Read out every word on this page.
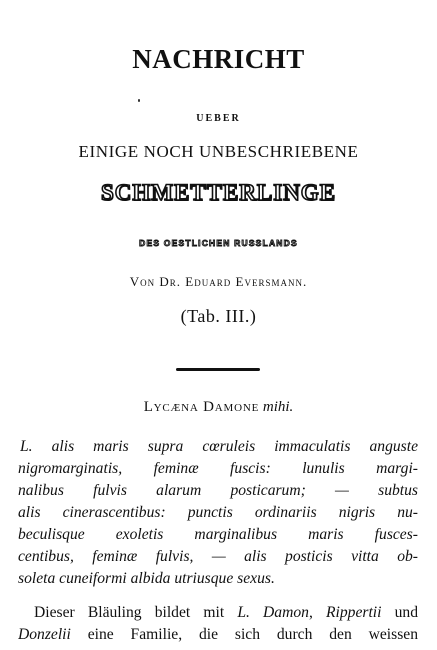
NACHRICHT
UEBER
EINIGE NOCH UNBESCHRIEBENE
SCHMETTERLINGE
DES OESTLICHEN RUSSLANDS
Von Dr. Eduard Eversmann.
(Tab. III.)
Lycæna Damone mihi.
L. alis maris supra cœruleis immaculatis anguste
nigromarginatis, feminæ fuscis: lunulis margi-
nalibus fulvis alarum posticarum; — subtus
alis cinerascentibus: punctis ordinariis nigris nu-
beculisque exoletis marginalibus maris fusces-
centibus, feminæ fulvis, — alis posticis vitta ob-
soleta cuneiformi albida utriusque sexus.
Dieser Bläuling bildet mit L. Damon, Rippertii und
Donzelii eine Familie, die sich durch den weissen
